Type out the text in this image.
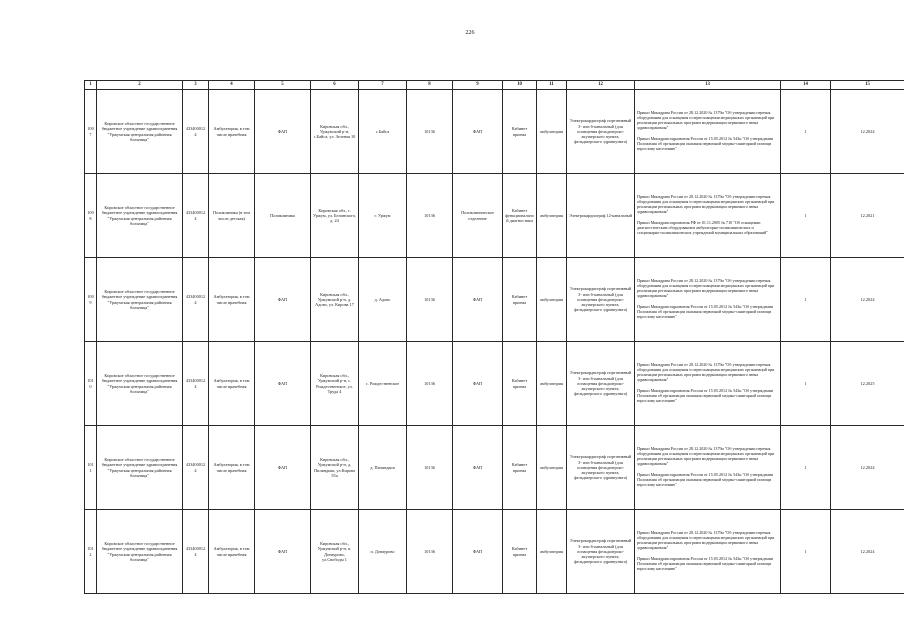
226
1	2	3	4	5	6	7	8	9	10	11	12	13	14	15
1007	Кировское областное государственное бюджетное учреждение здравоохранения "Уржумская центральная районная больница"	4334000124	Амбулатория, в том числе врачебная	ФАП	Кировская обл., Уржумский р-н, с.Байса, ул. Зеленая 10	с.Байса	10136	ФАП	Кабинет приема	амбулатория	Электрокардиограф портативный 3- или 6-канальный (для оснащения фельдшерско-акушерского пункта, фельдшерского здравпункта)	Приказ Минздрава России от 28.12.2020 № 1379н "Об утверждении перечня оборудования для оснащения и переоснащения медицинских организаций при реализации региональных программ модернизации первичного звена здравоохранения"
Приказ Минздравсоцразвития России от 15.05.2012 № 543н "Об утверждении Положения об организации оказания первичной медико-санитарной помощи взрослому населению"	1	12.2024
1008	Кировское областное государственное бюджетное учреждение здравоохранения "Уржумская центральная районная больница"	4334000124	Поликлиника (в том числе детская)	Поликлиника	Кировская обл., г. Уржум, ул. Белинского, д. 24	г. Уржум	10136	Поликлиническое отделение	Кабинет функциональной диагностики	амбулатория	Электрокардиограф 12-канальный	Приказ Минздрава России от 28.12.2020 № 1379н "Об утверждении перечня оборудования для оснащения и переоснащения медицинских организаций при реализации региональных программ модернизации первичного звена здравоохранения"
Приказ Минздравсоцразвития РФ от 01.11.2005 № 710 "Об оснащении диагностическим оборудованием амбулаторно-поликлинических и стационарно-поликлинических учреждений муниципальных образований"	1	12.2021
1009	Кировское областное государственное бюджетное учреждение здравоохранения "Уржумская центральная районная больница"	4334000124	Амбулатория, в том числе врачебная	ФАП	Кировская обл., Уржумский р-н, д. Адово, ул. Кирова 17	д. Адово	10136	ФАП	Кабинет приема	амбулатория	Электрокардиограф портативный 3- или 6-канальный (для оснащения фельдшерско-акушерского пункта, фельдшерского здравпункта)	Приказ Минздрава России от 28.12.2020 № 1379н "Об утверждении перечня оборудования для оснащения и переоснащения медицинских организаций при реализации региональных программ модернизации первичного звена здравоохранения"
Приказ Минздравсоцразвития России от 15.05.2012 № 543н "Об утверждении Положения об организации оказания первичной медико-санитарной помощи взрослому населению"	1	12.2024
1010	Кировское областное государственное бюджетное учреждение здравоохранения "Уржумская центральная районная больница"	4334000124	Амбулатория, в том числе врачебная	ФАП	Кировская обл., Уржумский р-н, с. Рождественское, ул. Труда 4	с. Рождественское	10136	ФАП	Кабинет приема	амбулатория	Электрокардиограф портативный 3- или 6-канальный (для оснащения фельдшерско-акушерского пункта, фельдшерского здравпункта)	Приказ Минздрава России от 28.12.2020 № 1379н "Об утверждении перечня оборудования для оснащения и переоснащения медицинских организаций при реализации региональных программ модернизации первичного звена здравоохранения"
Приказ Минздравсоцразвития России от 15.05.2012 № 543н "Об утверждении Положения об организации оказания первичной медико-санитарной помощи взрослому населению"	1	12.2025
1011	Кировское областное государственное бюджетное учреждение здравоохранения "Уржумская центральная районная больница"	4334000124	Амбулатория, в том числе врачебная	ФАП	Кировская обл., Уржумский р-н, д. Пиляндыш, ул.Кирова 55а	д. Пиляндыш	10136	ФАП	Кабинет приема	амбулатория	Электрокардиограф портативный 3- или 6-канальный (для оснащения фельдшерско-акушерского пункта, фельдшерского здравпункта)	Приказ Минздрава России от 28.12.2020 № 1379н "Об утверждении перечня оборудования для оснащения и переоснащения медицинских организаций при реализации региональных программ модернизации первичного звена здравоохранения"
Приказ Минздравсоцразвития России от 15.05.2012 № 543н "Об утверждении Положения об организации оказания первичной медико-санитарной помощи взрослому населению"	1	12.2024
1012	Кировское областное государственное бюджетное учреждение здравоохранения "Уржумская центральная районная больница"	4334000124	Амбулатория, в том числе врачебная	ФАП	Кировская обл., Уржумский р-н, п. Донаурово, ул.Свободы 1	п. Донаурово	10136	ФАП	Кабинет приема	амбулатория	Электрокардиограф портативный 3- или 6-канальный (для оснащения фельдшерско-акушерского пункта, фельдшерского здравпункта)	Приказ Минздрава России от 28.12.2020 № 1379н "Об утверждении перечня оборудования для оснащения и переоснащения медицинских организаций при реализации региональных программ модернизации первичного звена здравоохранения"
Приказ Минздравсоцразвития России от 15.05.2012 № 543н "Об утверждении Положения об организации оказания первичной медико-санитарной помощи взрослому населению"	1	12.2024
